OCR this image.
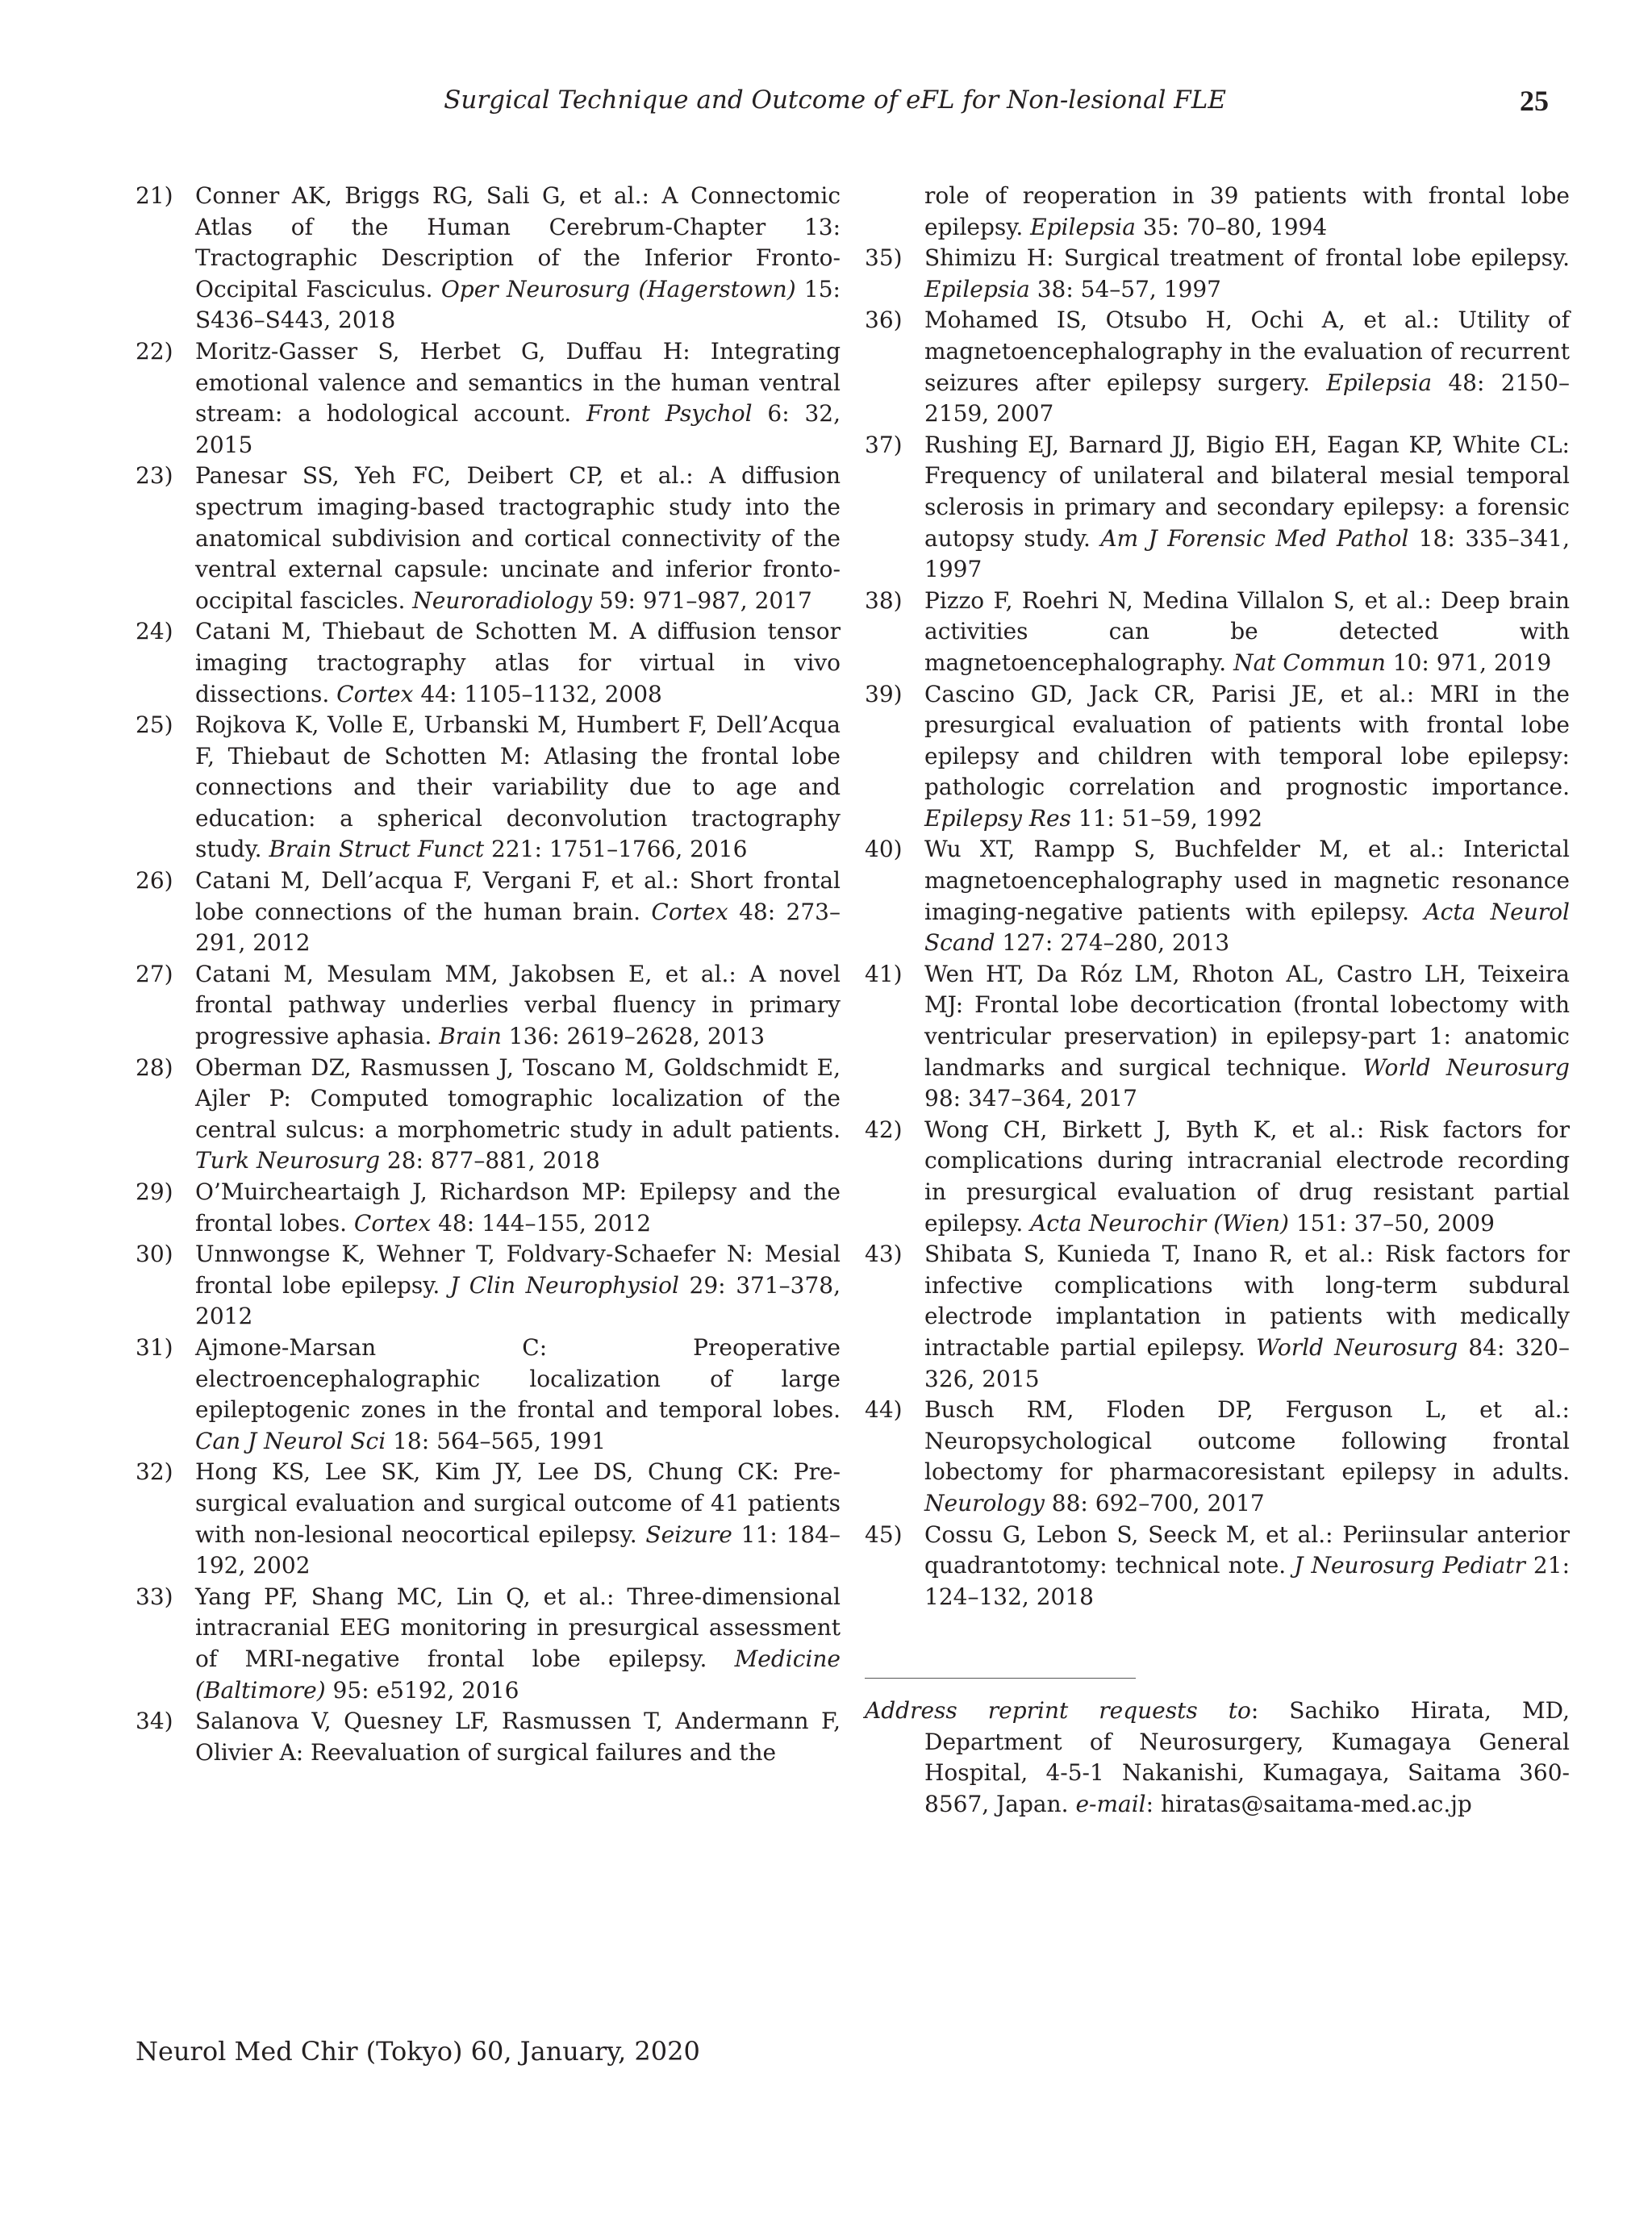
Surgical Technique and Outcome of eFL for Non-lesional FLE	25
21) Conner AK, Briggs RG, Sali G, et al.: A Connectomic Atlas of the Human Cerebrum-Chapter 13: Tractographic Description of the Inferior Fronto-Occipital Fasciculus. Oper Neurosurg (Hagerstown) 15: S436–S443, 2018
22) Moritz-Gasser S, Herbet G, Duffau H: Integrating emotional valence and semantics in the human ventral stream: a hodological account. Front Psychol 6: 32, 2015
23) Panesar SS, Yeh FC, Deibert CP, et al.: A diffusion spectrum imaging-based tractographic study into the anatomical subdivision and cortical connectivity of the ventral external capsule: uncinate and inferior fronto-occipital fascicles. Neuroradiology 59: 971–987, 2017
24) Catani M, Thiebaut de Schotten M. A diffusion tensor imaging tractography atlas for virtual in vivo dissections. Cortex 44: 1105–1132, 2008
25) Rojkova K, Volle E, Urbanski M, Humbert F, Dell’Acqua F, Thiebaut de Schotten M: Atlasing the frontal lobe connections and their variability due to age and education: a spherical deconvolution tractography study. Brain Struct Funct 221: 1751–1766, 2016
26) Catani M, Dell’acqua F, Vergani F, et al.: Short frontal lobe connections of the human brain. Cortex 48: 273–291, 2012
27) Catani M, Mesulam MM, Jakobsen E, et al.: A novel frontal pathway underlies verbal fluency in primary progressive aphasia. Brain 136: 2619–2628, 2013
28) Oberman DZ, Rasmussen J, Toscano M, Goldschmidt E, Ajler P: Computed tomographic localization of the central sulcus: a morphometric study in adult patients. Turk Neurosurg 28: 877–881, 2018
29) O’Muircheartaigh J, Richardson MP: Epilepsy and the frontal lobes. Cortex 48: 144–155, 2012
30) Unnwongse K, Wehner T, Foldvary-Schaefer N: Mesial frontal lobe epilepsy. J Clin Neurophysiol 29: 371–378, 2012
31) Ajmone-Marsan C: Preoperative electroencephalographic localization of large epileptogenic zones in the frontal and temporal lobes. Can J Neurol Sci 18: 564–565, 1991
32) Hong KS, Lee SK, Kim JY, Lee DS, Chung CK: Pre-surgical evaluation and surgical outcome of 41 patients with non-lesional neocortical epilepsy. Seizure 11: 184–192, 2002
33) Yang PF, Shang MC, Lin Q, et al.: Three-dimensional intracranial EEG monitoring in presurgical assessment of MRI-negative frontal lobe epilepsy. Medicine (Baltimore) 95: e5192, 2016
34) Salanova V, Quesney LF, Rasmussen T, Andermann F, Olivier A: Reevaluation of surgical failures and the
role of reoperation in 39 patients with frontal lobe epilepsy. Epilepsia 35: 70–80, 1994
35) Shimizu H: Surgical treatment of frontal lobe epilepsy. Epilepsia 38: 54–57, 1997
36) Mohamed IS, Otsubo H, Ochi A, et al.: Utility of magnetoencephalography in the evaluation of recurrent seizures after epilepsy surgery. Epilepsia 48: 2150–2159, 2007
37) Rushing EJ, Barnard JJ, Bigio EH, Eagan KP, White CL: Frequency of unilateral and bilateral mesial temporal sclerosis in primary and secondary epilepsy: a forensic autopsy study. Am J Forensic Med Pathol 18: 335–341, 1997
38) Pizzo F, Roehri N, Medina Villalon S, et al.: Deep brain activities can be detected with magnetoencephalography. Nat Commun 10: 971, 2019
39) Cascino GD, Jack CR, Parisi JE, et al.: MRI in the presurgical evaluation of patients with frontal lobe epilepsy and children with temporal lobe epilepsy: pathologic correlation and prognostic importance. Epilepsy Res 11: 51–59, 1992
40) Wu XT, Rampp S, Buchfelder M, et al.: Interictal magnetoencephalography used in magnetic resonance imaging-negative patients with epilepsy. Acta Neurol Scand 127: 274–280, 2013
41) Wen HT, Da Róz LM, Rhoton AL, Castro LH, Teixeira MJ: Frontal lobe decortication (frontal lobectomy with ventricular preservation) in epilepsy-part 1: anatomic landmarks and surgical technique. World Neurosurg 98: 347–364, 2017
42) Wong CH, Birkett J, Byth K, et al.: Risk factors for complications during intracranial electrode recording in presurgical evaluation of drug resistant partial epilepsy. Acta Neurochir (Wien) 151: 37–50, 2009
43) Shibata S, Kunieda T, Inano R, et al.: Risk factors for infective complications with long-term subdural electrode implantation in patients with medically intractable partial epilepsy. World Neurosurg 84: 320–326, 2015
44) Busch RM, Floden DP, Ferguson L, et al.: Neuropsychological outcome following frontal lobectomy for pharmacoresistant epilepsy in adults. Neurology 88: 692–700, 2017
45) Cossu G, Lebon S, Seeck M, et al.: Periinsular anterior quadrantotomy: technical note. J Neurosurg Pediatr 21: 124–132, 2018
Address reprint requests to: Sachiko Hirata, MD, Department of Neurosurgery, Kumagaya General Hospital, 4-5-1 Nakanishi, Kumagaya, Saitama 360-8567, Japan. e-mail: hiratas@saitama-med.ac.jp
Neurol Med Chir (Tokyo) 60, January, 2020
